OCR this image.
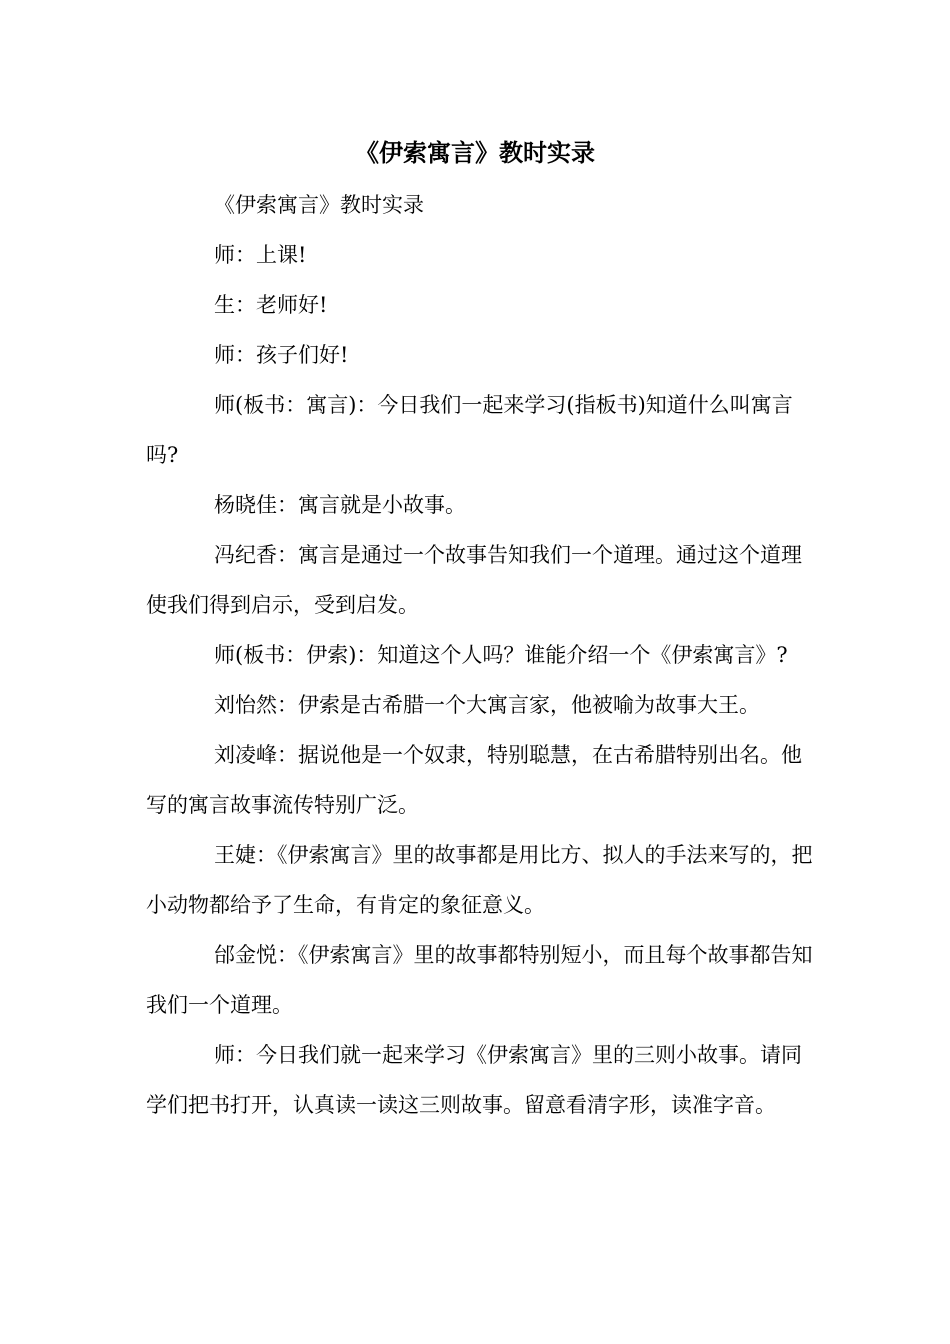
《伊索寓言》教时实录

《伊索寓言》教时实录

师：上课!

生：老师好!

师：孩子们好!

师(板书：寓言)：今日我们一起来学习(指板书)知道什么叫寓言吗?

杨晓佳：寓言就是小故事。

冯纪香：寓言是通过一个故事告知我们一个道理。通过这个道理使我们得到启示，受到启发。

师(板书：伊索)：知道这个人吗？谁能介绍一个《伊索寓言》?

刘怡然：伊索是古希腊一个大寓言家，他被喻为故事大王。

刘凌峰：据说他是一个奴隶，特别聪慧，在古希腊特别出名。他写的寓言故事流传特别广泛。

王婕：《伊索寓言》里的故事都是用比方、拟人的手法来写的，把小动物都给予了生命，有肯定的象征意义。

邰金悦：《伊索寓言》里的故事都特别短小，而且每个故事都告知我们一个道理。

师：今日我们就一起来学习《伊索寓言》里的三则小故事。请同学们把书打开，认真读一读这三则故事。留意看清字形，读准字音。
